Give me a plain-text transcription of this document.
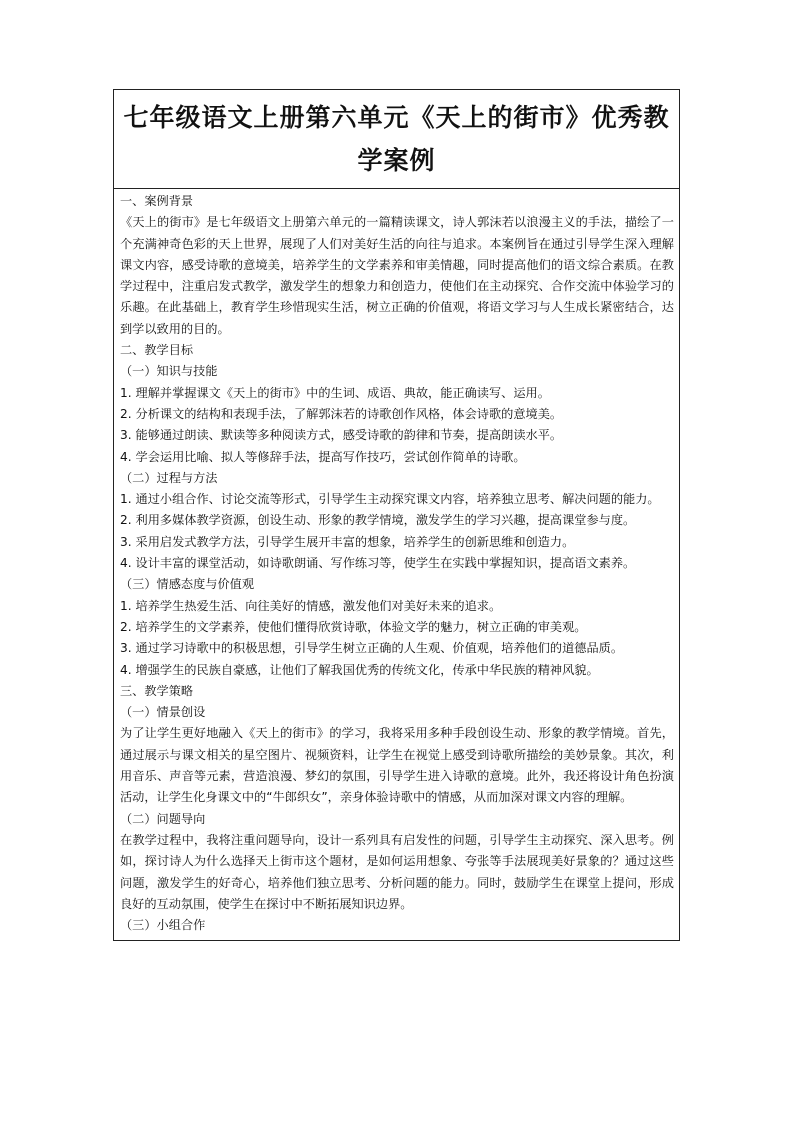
七年级语文上册第六单元《天上的街市》优秀教学案例

一、案例背景

《天上的街市》是七年级语文上册第六单元的一篇精读课文，诗人郭沫若以浪漫主义的手法，描绘了一个充满神奇色彩的天上世界，展现了人们对美好生活的向往与追求。本案例旨在通过引导学生深入理解课文内容，感受诗歌的意境美，培养学生的文学素养和审美情趣，同时提高他们的语文综合素质。在教学过程中，注重启发式教学，激发学生的想象力和创造力，使他们在主动探究、合作交流中体验学习的乐趣。在此基础上，教育学生珍惜现实生活，树立正确的价值观，将语文学习与人生成长紧密结合，达到学以致用的目的。

二、教学目标

（一）知识与技能

1. 理解并掌握课文《天上的街市》中的生词、成语、典故，能正确读写、运用。

2. 分析课文的结构和表现手法，了解郭沫若的诗歌创作风格，体会诗歌的意境美。

3. 能够通过朗读、默读等多种阅读方式，感受诗歌的韵律和节奏，提高朗读水平。

4. 学会运用比喻、拟人等修辞手法，提高写作技巧，尝试创作简单的诗歌。

（二）过程与方法

1. 通过小组合作、讨论交流等形式，引导学生主动探究课文内容，培养独立思考、解决问题的能力。

2. 利用多媒体教学资源，创设生动、形象的教学情境，激发学生的学习兴趣，提高课堂参与度。

3. 采用启发式教学方法，引导学生展开丰富的想象，培养学生的创新思维和创造力。

4. 设计丰富的课堂活动，如诗歌朗诵、写作练习等，使学生在实践中掌握知识，提高语文素养。

（三）情感态度与价值观

1. 培养学生热爱生活、向往美好的情感，激发他们对美好未来的追求。

2. 培养学生的文学素养，使他们懂得欣赏诗歌，体验文学的魅力，树立正确的审美观。

3. 通过学习诗歌中的积极思想，引导学生树立正确的人生观、价值观，培养他们的道德品质。

4. 增强学生的民族自豪感，让他们了解我国优秀的传统文化，传承中华民族的精神风貌。

三、教学策略

（一）情景创设

为了让学生更好地融入《天上的街市》的学习，我将采用多种手段创设生动、形象的教学情境。首先，通过展示与课文相关的星空图片、视频资料，让学生在视觉上感受到诗歌所描绘的美妙景象。其次，利用音乐、声音等元素，营造浪漫、梦幻的氛围，引导学生进入诗歌的意境。此外，我还将设计角色扮演活动，让学生化身课文中的“牛郎织女”，亲身体验诗歌中的情感，从而加深对课文内容的理解。

（二）问题导向

在教学过程中，我将注重问题导向，设计一系列具有启发性的问题，引导学生主动探究、深入思考。例如，探讨诗人为什么选择天上街市这个题材，是如何运用想象、夸张等手法展现美好景象的？通过这些问题，激发学生的好奇心，培养他们独立思考、分析问题的能力。同时，鼓励学生在课堂上提问，形成良好的互动氛围，使学生在探讨中不断拓展知识边界。

（三）小组合作
